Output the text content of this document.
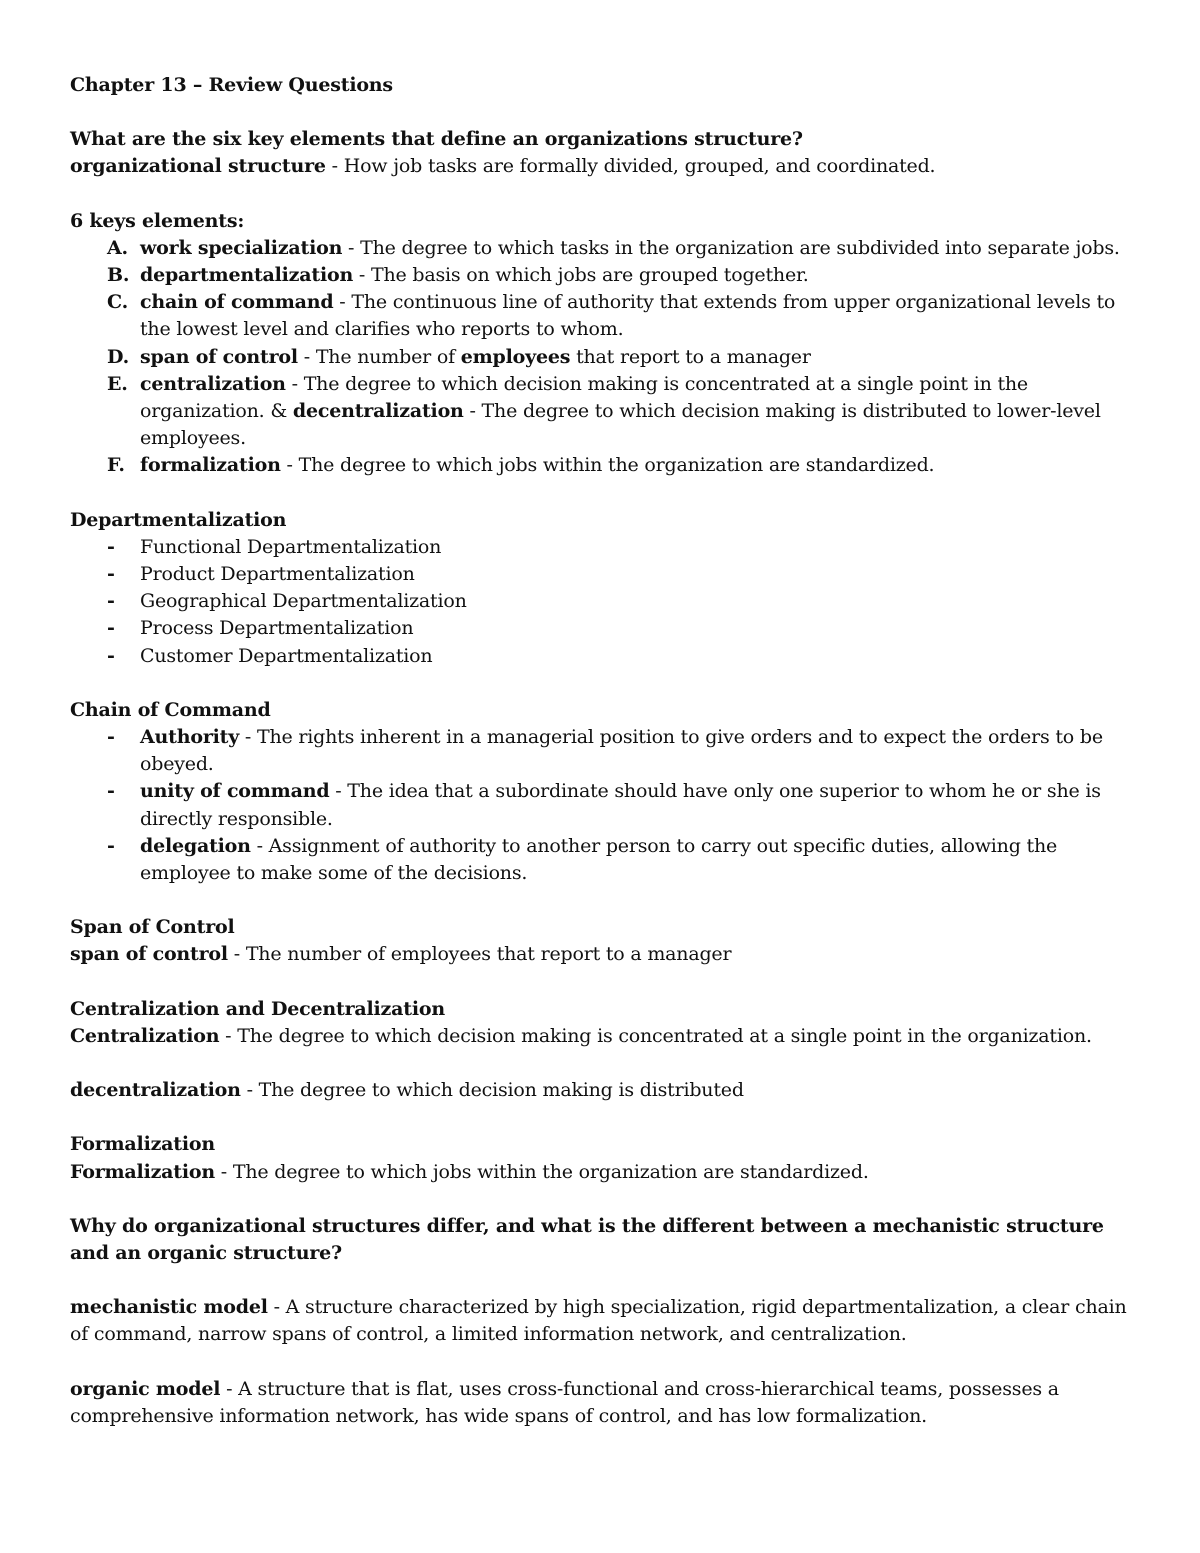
Chapter 13 – Review Questions

What are the six key elements that define an organizations structure?

organizational structure - How job tasks are formally divided, grouped, and coordinated.

6 keys elements:

A. work specialization - The degree to which tasks in the organization are subdivided into separate jobs.
B. departmentalization - The basis on which jobs are grouped together.
C. chain of command - The continuous line of authority that extends from upper organizational levels to the lowest level and clarifies who reports to whom.
D. span of control - The number of employees that report to a manager
E. centralization - The degree to which decision making is concentrated at a single point in the organization. & decentralization - The degree to which decision making is distributed to lower-level employees.
F. formalization - The degree to which jobs within the organization are standardized.

Departmentalization

- Functional Departmentalization
- Product Departmentalization
- Geographical Departmentalization
- Process Departmentalization
- Customer Departmentalization

Chain of Command

- Authority - The rights inherent in a managerial position to give orders and to expect the orders to be obeyed.
- unity of command - The idea that a subordinate should have only one superior to whom he or she is directly responsible.
- delegation - Assignment of authority to another person to carry out specific duties, allowing the employee to make some of the decisions.

Span of Control

span of control - The number of employees that report to a manager

Centralization and Decentralization

Centralization - The degree to which decision making is concentrated at a single point in the organization.

decentralization - The degree to which decision making is distributed

Formalization

Formalization - The degree to which jobs within the organization are standardized.

Why do organizational structures differ, and what is the different between a mechanistic structure and an organic structure?

mechanistic model - A structure characterized by high specialization, rigid departmentalization, a clear chain of command, narrow spans of control, a limited information network, and centralization.

organic model - A structure that is flat, uses cross-functional and cross-hierarchical teams, possesses a comprehensive information network, has wide spans of control, and has low formalization.
